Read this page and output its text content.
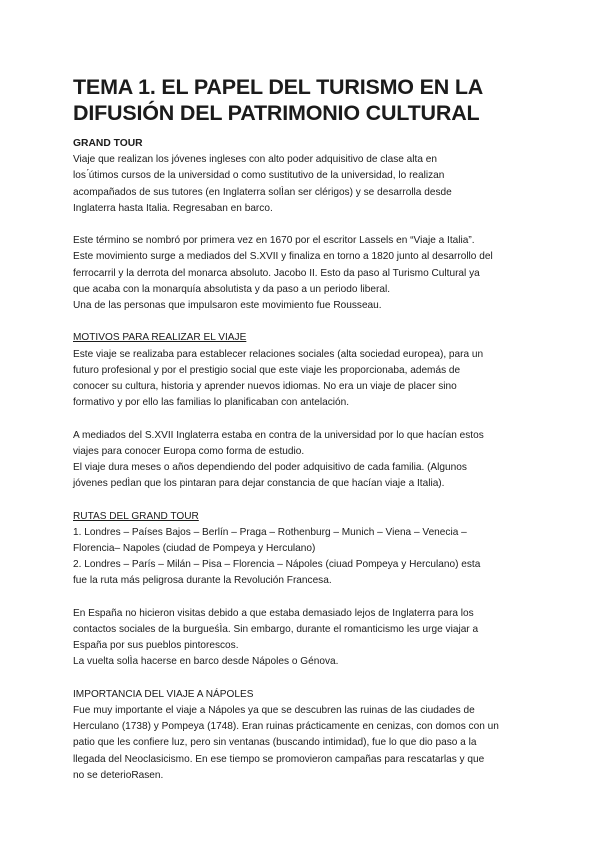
TEMA 1. EL PAPEL DEL TURISMO EN LA DIFUSIÓN DEL PATRIMONIO CULTURAL
GRAND TOUR

Viaje que realizan los jóvenes ingleses con alto poder adquisitivo de clase alta en
los ́útimos cursos de la universidad o como sustitutivo de la universidad, lo realizan
acompañados de sus tutores (en Inglaterra solÌan ser clérigos) y se desarrolla desde
Inglaterra hasta Italia. Regresaban en barco.

Este término se nombró por primera vez en 1670 por el escritor Lassels en “Viaje a Italia”.
Este movimiento surge a mediados del S.XVII y finaliza en torno a 1820 junto al desarrollo del
ferrocarril y la derrota del monarca absoluto. Jacobo II. Esto da paso al Turismo Cultural ya
que acaba con la monarquía absolutista y da paso a un periodo liberal.
Una de las personas que impulsaron este movimiento fue Rousseau.

MOTIVOS PARA REALIZAR EL VIAJE

Este viaje se realizaba para establecer relaciones sociales (alta sociedad europea), para un
futuro profesional y por el prestigio social que este viaje les proporcionaba, además de
conocer su cultura, historia y aprender nuevos idiomas. No era un viaje de placer sino
formativo y por ello las familias lo planificaban con antelación.

A mediados del S.XVII Inglaterra estaba en contra de la universidad por lo que hacían estos
viajes para conocer Europa como forma de estudio.
El viaje dura meses o años dependiendo del poder adquisitivo de cada familia. (Algunos
jóvenes pedÌan que los pintaran para dejar constancia de que hacían viaje a Italia).

RUTAS DEL GRAND TOUR

1. Londres – Países Bajos – Berlín – Praga – Rothenburg – Munich – Viena – Venecia –
Florencia– Napoles (ciudad de Pompeya y Herculano)
2. Londres – París – Milán – Pisa – Florencia – Nápoles (ciuad Pompeya y Herculano) esta
fue la ruta más peligrosa durante la Revolución Francesa.

En España no hicieron visitas debido a que estaba demasiado lejos de Inglaterra para los
contactos sociales de la burgueśÌa. Sin embargo, durante el romanticismo les urge viajar a
España por sus pueblos pintorescos.
La vuelta solÌa hacerse en barco desde Nápoles o Génova.

IMPORTANCIA DEL VIAJE A NÁPOLES

Fue muy importante el viaje a Nápoles ya que se descubren las ruinas de las ciudades de
Herculano (1738) y Pompeya (1748). Eran ruinas prácticamente en cenizas, con domos con un
patio que les confiere luz, pero sin ventanas (buscando intimidad), fue lo que dio paso a la
llegada del Neoclasicismo. En ese tiempo se promovieron campañas para rescatarlas y que
no se deterioRasen.
